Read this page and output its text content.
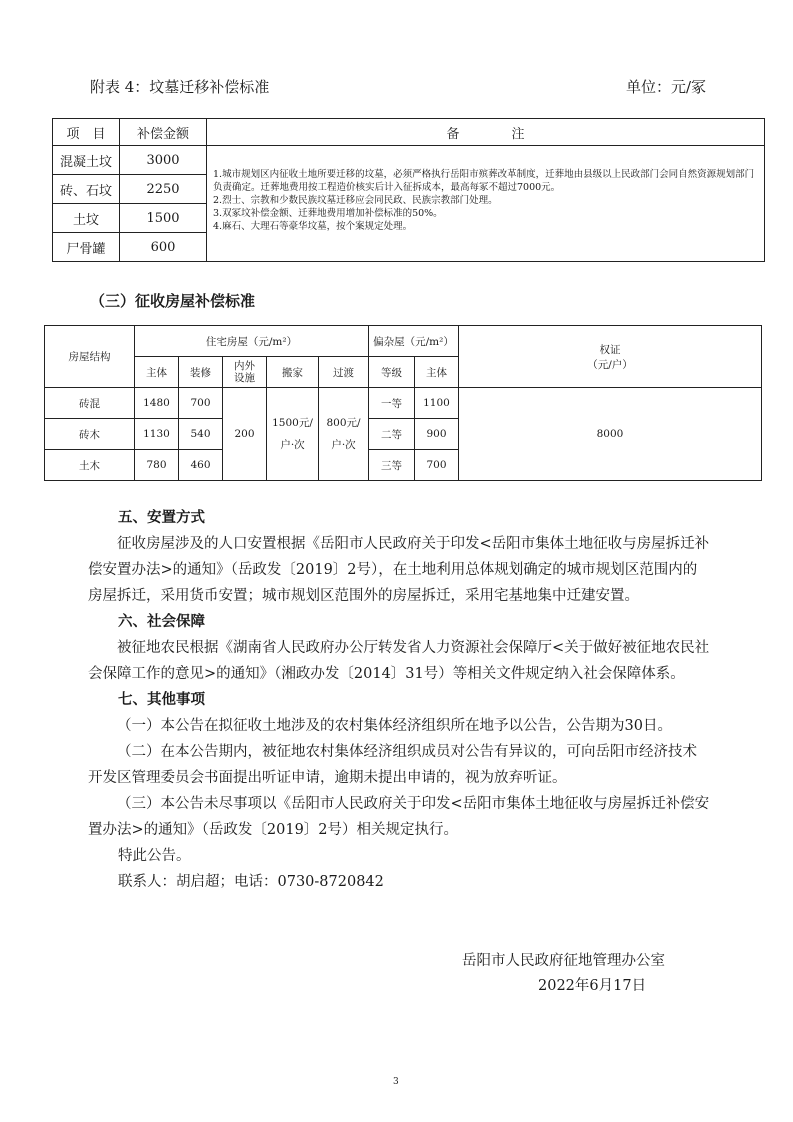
附表 4：坟墓迁移补偿标准	单位：元/冢
项　目	补偿金额	备　　　　注
混凝土坟	3000	1.城市规划区内征收土地所要迁移的坟墓，必须严格执行岳阳市殡葬改革制度，迁葬地由县级以上民政部门会同自然资源规划部门负责确定。迁葬地费用按工程造价核实后计入征拆成本，最高每冢不超过7000元。
2.烈士、宗教和少数民族坟墓迁移应会同民政、民族宗教部门处理。
3.双冢坟补偿金额、迁葬地费用增加补偿标准的50%。
4.麻石、大理石等豪华坟墓，按个案规定处理。

砖、石坟	2250	
土坟	1500	
尸骨罐	600	
（三）征收房屋补偿标准
房屋结构	住宅房屋（元/m²）					偏杂屋（元/m²）		权证
（元/户）

	主体	装修	内外设施	搬家	过渡	等级	主体	
砖混	1480	700	200	1500元/户·次	800元/户·次	一等	1100	8000
砖木	1130	540				二等	900	
土木	780	460				三等	700	
五、安置方式
征收房屋涉及的人口安置根据《岳阳市人民政府关于印发<岳阳市集体土地征收与房屋拆迁补偿安置办法>的通知》（岳政发〔2019〕2号），在土地利用总体规划确定的城市规划区范围内的房屋拆迁，采用货币安置；城市规划区范围外的房屋拆迁，采用宅基地集中迁建安置。
六、社会保障
被征地农民根据《湖南省人民政府办公厅转发省人力资源社会保障厅<关于做好被征地农民社会保障工作的意见>的通知》（湘政办发〔2014〕31号）等相关文件规定纳入社会保障体系。
七、其他事项
（一）本公告在拟征收土地涉及的农村集体经济组织所在地予以公告，公告期为30日。
（二）在本公告期内，被征地农村集体经济组织成员对公告有异议的，可向岳阳市经济技术开发区管理委员会书面提出听证申请，逾期未提出申请的，视为放弃听证。
（三）本公告未尽事项以《岳阳市人民政府关于印发<岳阳市集体土地征收与房屋拆迁补偿安置办法>的通知》（岳政发〔2019〕2号）相关规定执行。
特此公告。
联系人：胡启超；电话：0730-8720842
岳阳市人民政府征地管理办公室
2022年6月17日
3
